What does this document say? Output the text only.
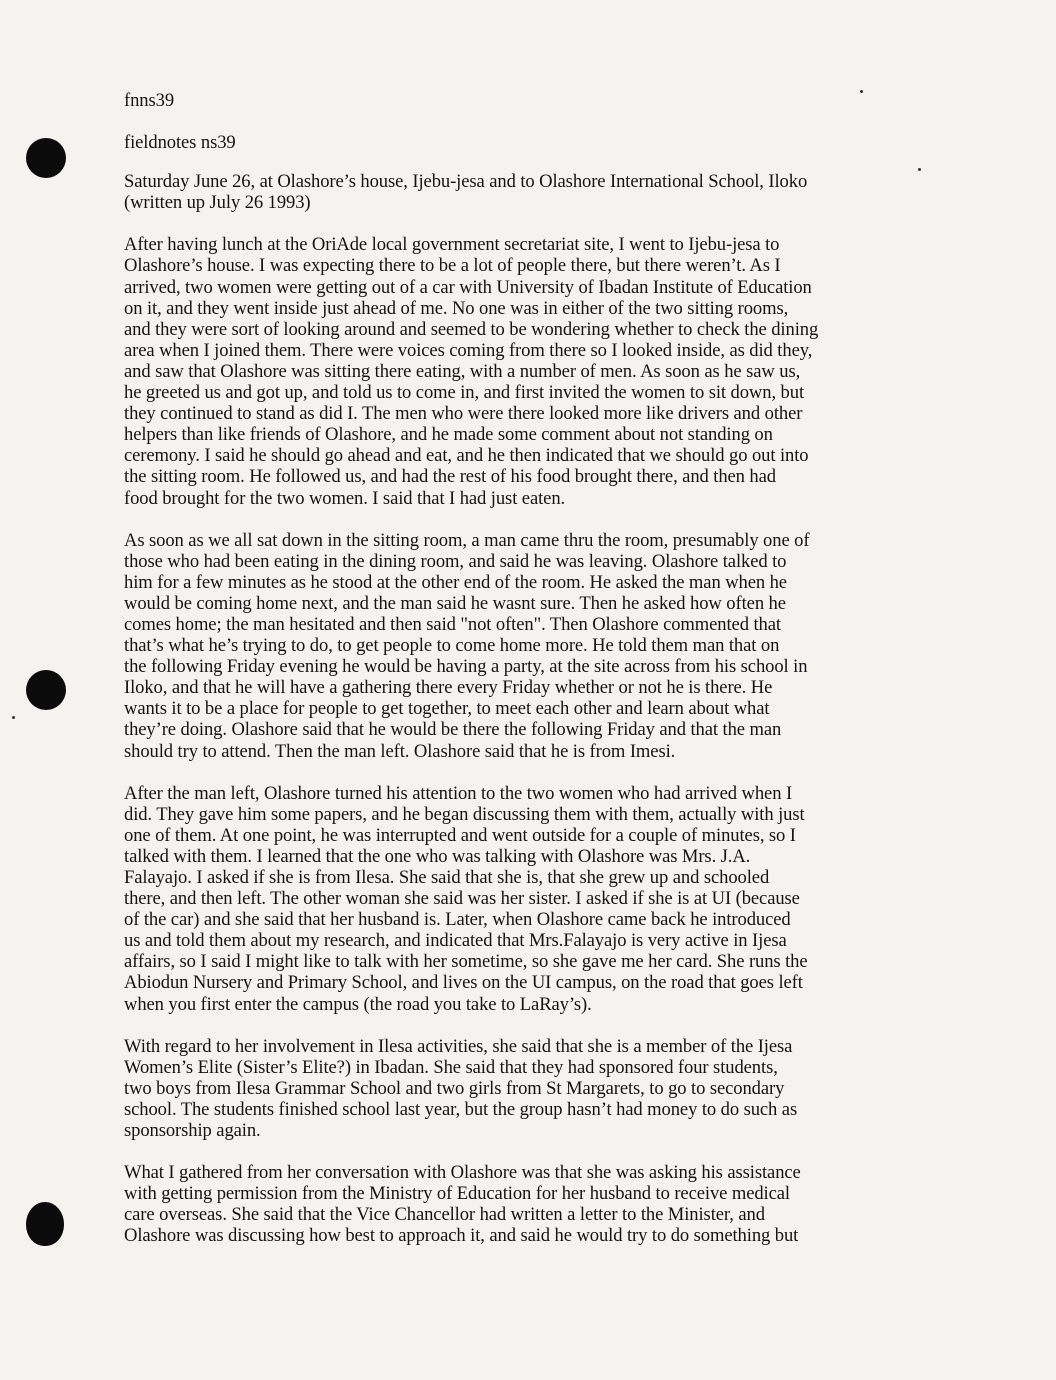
fnns39
fieldnotes ns39
Saturday June 26, at Olashore’s house, Ijebu-jesa and to Olashore International School, Iloko
(written up July 26 1993)
After having lunch at the OriAde local government secretariat site, I went to Ijebu-jesa to
Olashore’s house. I was expecting there to be a lot of people there, but there weren’t. As I
arrived, two women were getting out of a car with University of Ibadan Institute of Education
on it, and they went inside just ahead of me. No one was in either of the two sitting rooms,
and they were sort of looking around and seemed to be wondering whether to check the dining
area when I joined them. There were voices coming from there so I looked inside, as did they,
and saw that Olashore was sitting there eating, with a number of men. As soon as he saw us,
he greeted us and got up, and told us to come in, and first invited the women to sit down, but
they continued to stand as did I. The men who were there looked more like drivers and other
helpers than like friends of Olashore, and he made some comment about not standing on
ceremony. I said he should go ahead and eat, and he then indicated that we should go out into
the sitting room. He followed us, and had the rest of his food brought there, and then had
food brought for the two women. I said that I had just eaten.
As soon as we all sat down in the sitting room, a man came thru the room, presumably one of
those who had been eating in the dining room, and said he was leaving. Olashore talked to
him for a few minutes as he stood at the other end of the room. He asked the man when he
would be coming home next, and the man said he wasnt sure. Then he asked how often he
comes home; the man hesitated and then said "not often". Then Olashore commented that
that’s what he’s trying to do, to get people to come home more. He told them man that on
the following Friday evening he would be having a party, at the site across from his school in
Iloko, and that he will have a gathering there every Friday whether or not he is there. He
wants it to be a place for people to get together, to meet each other and learn about what
they’re doing. Olashore said that he would be there the following Friday and that the man
should try to attend. Then the man left. Olashore said that he is from Imesi.
After the man left, Olashore turned his attention to the two women who had arrived when I
did. They gave him some papers, and he began discussing them with them, actually with just
one of them. At one point, he was interrupted and went outside for a couple of minutes, so I
talked with them. I learned that the one who was talking with Olashore was Mrs. J.A.
Falayajo. I asked if she is from Ilesa. She said that she is, that she grew up and schooled
there, and then left. The other woman she said was her sister. I asked if she is at UI (because
of the car) and she said that her husband is. Later, when Olashore came back he introduced
us and told them about my research, and indicated that Mrs.Falayajo is very active in Ijesa
affairs, so I said I might like to talk with her sometime, so she gave me her card. She runs the
Abiodun Nursery and Primary School, and lives on the UI campus, on the road that goes left
when you first enter the campus (the road you take to LaRay’s).
With regard to her involvement in Ilesa activities, she said that she is a member of the Ijesa
Women’s Elite (Sister’s Elite?) in Ibadan. She said that they had sponsored four students,
two boys from Ilesa Grammar School and two girls from St Margarets, to go to secondary
school. The students finished school last year, but the group hasn’t had money to do such as
sponsorship again.
What I gathered from her conversation with Olashore was that she was asking his assistance
with getting permission from the Ministry of Education for her husband to receive medical
care overseas. She said that the Vice Chancellor had written a letter to the Minister, and
Olashore was discussing how best to approach it, and said he would try to do something but
